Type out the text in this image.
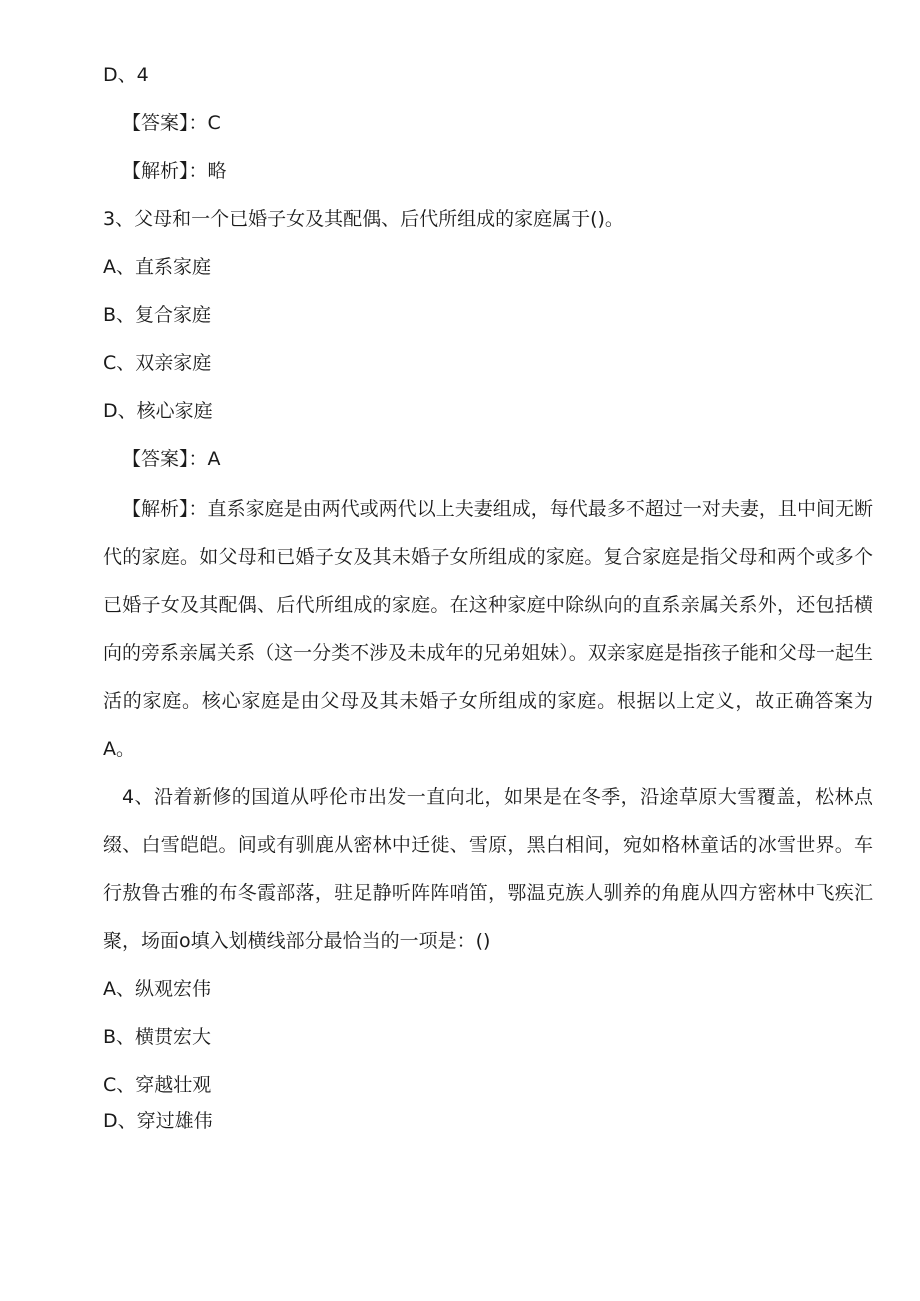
D、4

【答案】：C

【解析】：略

3、父母和一个已婚子女及其配偶、后代所组成的家庭属于()。

A、直系家庭

B、复合家庭

C、双亲家庭

D、核心家庭

【答案】：A

【解析】：直系家庭是由两代或两代以上夫妻组成，每代最多不超过一对夫妻，且中间无断代的家庭。如父母和已婚子女及其未婚子女所组成的家庭。复合家庭是指父母和两个或多个已婚子女及其配偶、后代所组成的家庭。在这种家庭中除纵向的直系亲属关系外，还包括横向的旁系亲属关系（这一分类不涉及未成年的兄弟姐妹）。双亲家庭是指孩子能和父母一起生活的家庭。核心家庭是由父母及其未婚子女所组成的家庭。根据以上定义，故正确答案为A。

4、沿着新修的国道从呼伦市出发一直向北，如果是在冬季，沿途草原大雪覆盖，松林点缀、白雪皑皑。间或有驯鹿从密林中迁徙、雪原，黑白相间，宛如格林童话的冰雪世界。车行敖鲁古雅的布冬霞部落，驻足静听阵阵哨笛，鄂温克族人驯养的角鹿从四方密林中飞疾汇聚，场面o填入划横线部分最恰当的一项是：()

A、纵观宏伟

B、横贯宏大

C、穿越壮观

D、穿过雄伟
